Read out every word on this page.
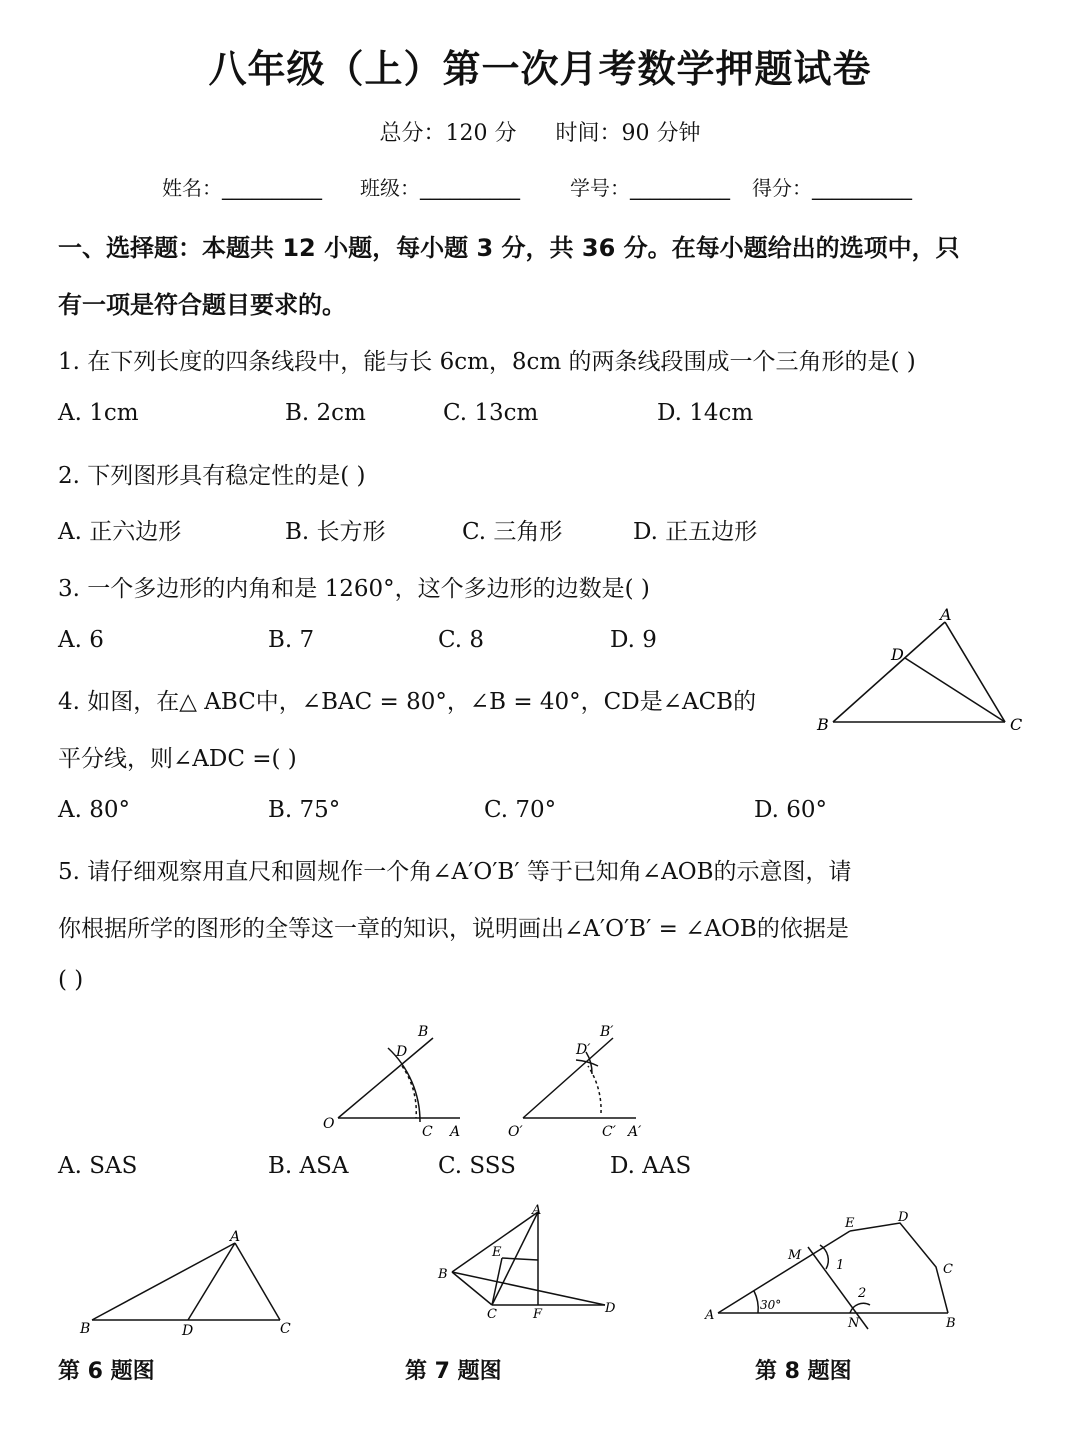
八年级（上）第一次月考数学押题试卷
总分：120 分 时间：90 分钟
姓名：__________ 班级：__________	学号：__________ 得分：__________
一、选择题：本题共 12 小题，每小题 3 分，共 36 分。在每小题给出的选项中，只
有一项是符合题目要求的。
1. 在下列长度的四条线段中，能与长 6cm，8cm 的两条线段围成一个三角形的是( )
A. 1cm	B. 2cm	C. 13cm	D. 14cm
2. 下列图形具有稳定性的是( )
A. 正六边形	B. 长方形	C. 三角形	D. 正五边形
3. 一个多边形的内角和是 1260°，这个多边形的边数是( )
A. 6	B. 7	C. 8	D. 9
4. 如图，在△ ABC中，∠BAC = 80°，∠B = 40°，CD是∠ACB的
平分线，则∠ADC =( )
A. 80°	B. 75°	C. 70°	D. 60°
A
B	C
D
5. 请仔细观察用直尺和圆规作一个角∠A′O′B′ 等于已知角∠AOB的示意图，请
你根据所学的图形的全等这一章的知识，说明画出∠A′O′B′ = ∠AOB的依据是
( )
O	A
B
C
D
O′	A′
B′
C′
D′
A. SAS	B. ASA	C. SSS	D. AAS
A
B	C
D
A
B
C	D
E
F	A
B
C
D
E
M
N
1
2
30°
第 6 题图	第 7 题图	第 8 题图
